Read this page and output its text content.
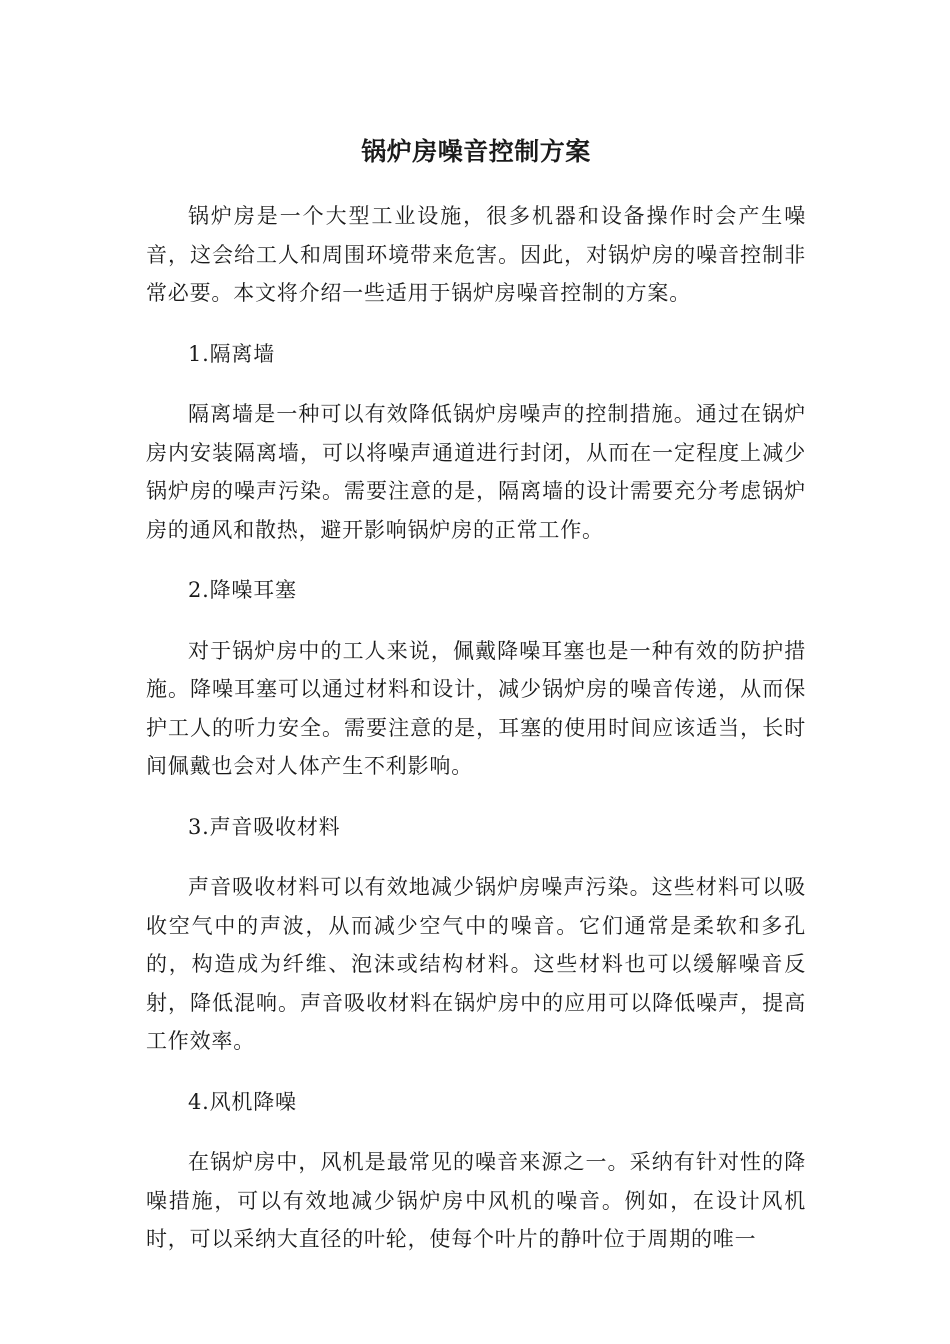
锅炉房噪音控制方案

锅炉房是一个大型工业设施，很多机器和设备操作时会产生噪音，这会给工人和周围环境带来危害。因此，对锅炉房的噪音控制非常必要。本文将介绍一些适用于锅炉房噪音控制的方案。

1.隔离墙

隔离墙是一种可以有效降低锅炉房噪声的控制措施。通过在锅炉房内安装隔离墙，可以将噪声通道进行封闭，从而在一定程度上减少锅炉房的噪声污染。需要注意的是，隔离墙的设计需要充分考虑锅炉房的通风和散热，避开影响锅炉房的正常工作。

2.降噪耳塞

对于锅炉房中的工人来说，佩戴降噪耳塞也是一种有效的防护措施。降噪耳塞可以通过材料和设计，减少锅炉房的噪音传递，从而保护工人的听力安全。需要注意的是，耳塞的使用时间应该适当，长时间佩戴也会对人体产生不利影响。

3.声音吸收材料

声音吸收材料可以有效地减少锅炉房噪声污染。这些材料可以吸收空气中的声波，从而减少空气中的噪音。它们通常是柔软和多孔的，构造成为纤维、泡沫或结构材料。这些材料也可以缓解噪音反射，降低混响。声音吸收材料在锅炉房中的应用可以降低噪声，提高工作效率。

4.风机降噪

在锅炉房中，风机是最常见的噪音来源之一。采纳有针对性的降噪措施，可以有效地减少锅炉房中风机的噪音。例如，在设计风机时，可以采纳大直径的叶轮，使每个叶片的静叶位于周期的唯一
